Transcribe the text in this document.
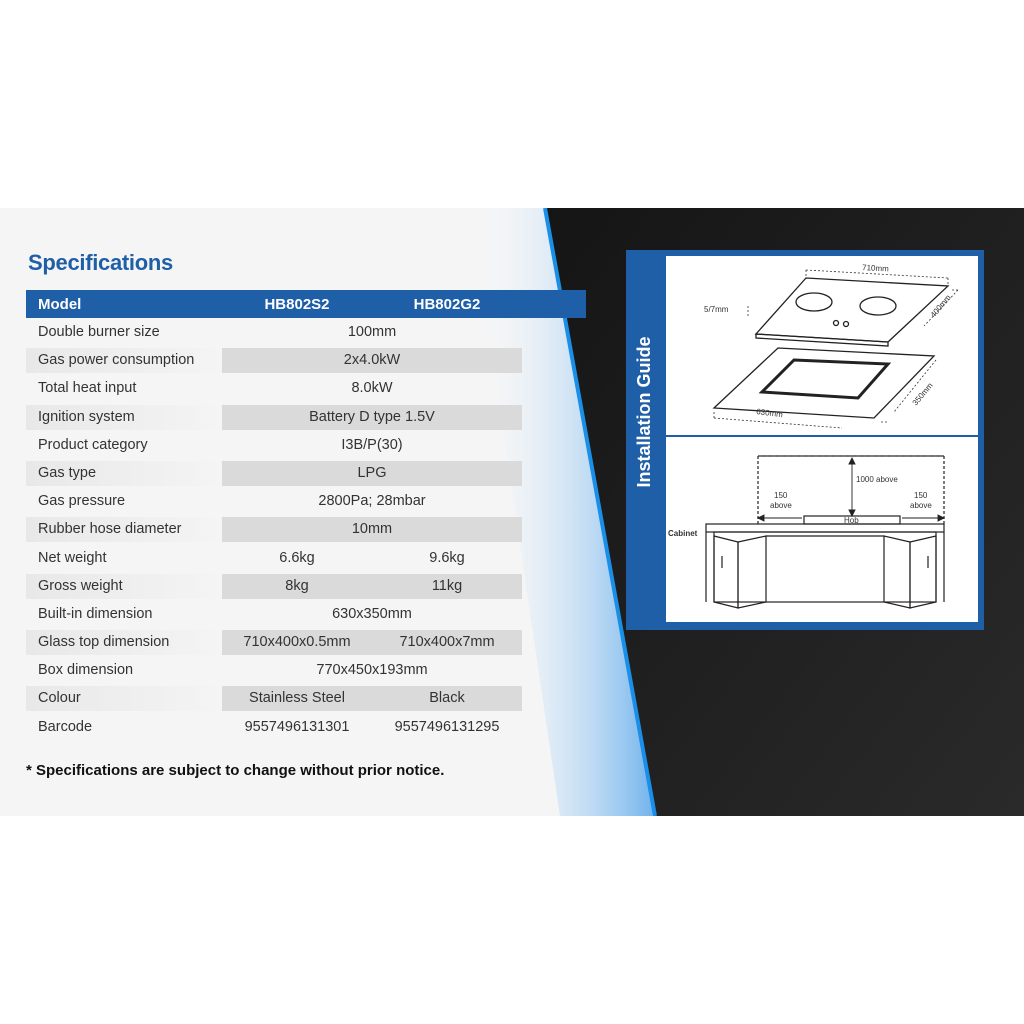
Specifications
Model	HB802S2	HB802G2
Double burner size	100mm
Gas power consumption	2x4.0kW
Total heat input	8.0kW
Ignition system	Battery D type 1.5V
Product category	I3B/P(30)
Gas type	LPG
Gas pressure	2800Pa; 28mbar
Rubber hose diameter	10mm
Net weight	6.6kg	9.6kg
Gross weight	8kg	11kg
Built-in dimension	630x350mm
Glass top dimension	710x400x0.5mm	710x400x7mm
Box dimension	770x450x193mm
Colour	Stainless Steel	Black
Barcode	9557496131301	9557496131295
* Specifications are subject to change without prior notice.
Installation Guide
710mm
5/7mm	400mm
630mm
350mm
1000 above
150
above
150
above
Hob
Cabinet
